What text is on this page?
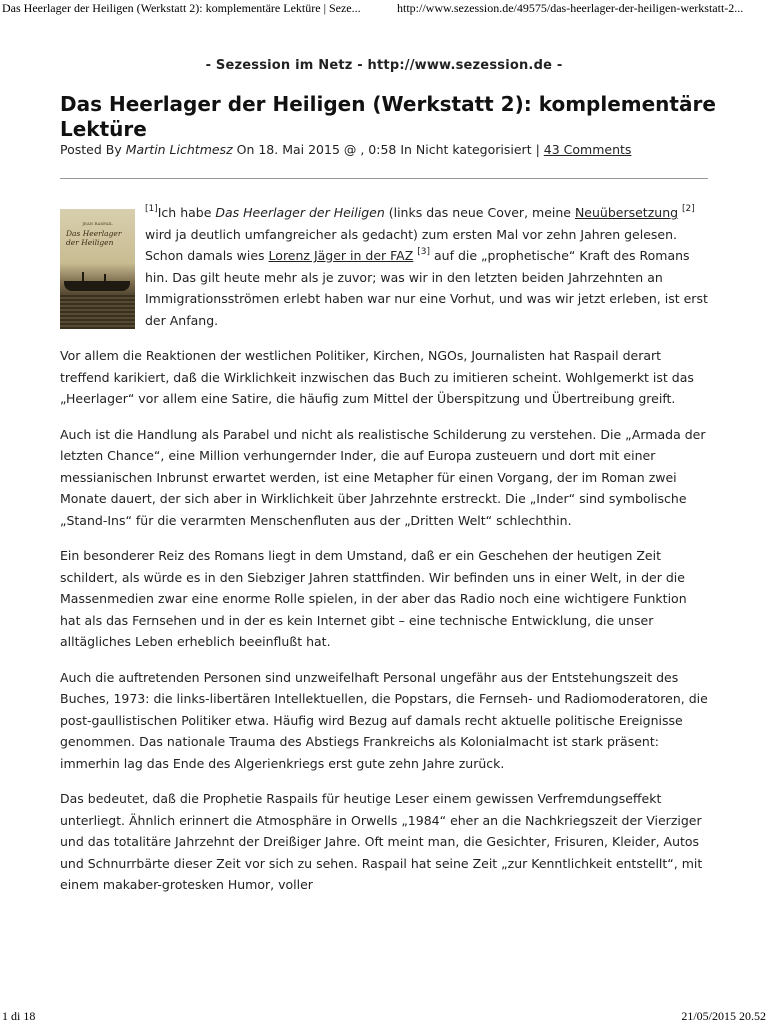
Das Heerlager der Heiligen (Werkstatt 2): komplementäre Lektüre | Seze...	http://www.sezession.de/49575/das-heerlager-der-heiligen-werkstatt-2...
- Sezession im Netz - http://www.sezession.de -
Das Heerlager der Heiligen (Werkstatt 2): komplementäre Lektüre
Posted By Martin Lichtmesz On 18. Mai 2015 @ , 0:58 In Nicht kategorisiert | 43 Comments

JEAN RASPAIL
Das Heerlager der Heiligen
[1]Ich habe Das Heerlager der Heiligen (links das neue Cover, meine Neuübersetzung [2] wird ja deutlich umfangreicher als gedacht) zum ersten Mal vor zehn Jahren gelesen. Schon damals wies Lorenz Jäger in der FAZ [3] auf die „prophetische“ Kraft des Romans hin. Das gilt heute mehr als je zuvor; was wir in den letzten beiden Jahrzehnten an Immigrationsströmen erlebt haben war nur eine Vorhut, und was wir jetzt erleben, ist erst der Anfang.

Vor allem die Reaktionen der westlichen Politiker, Kirchen, NGOs, Journalisten hat Raspail derart treffend karikiert, daß die Wirklichkeit inzwischen das Buch zu imitieren scheint. Wohlgemerkt ist das „Heerlager“ vor allem eine Satire, die häufig zum Mittel der Überspitzung und Übertreibung greift.

Auch ist die Handlung als Parabel und nicht als realistische Schilderung zu verstehen. Die „Armada der letzten Chance“, eine Million verhungernder Inder, die auf Europa zusteuern und dort mit einer messianischen Inbrunst erwartet werden, ist eine Metapher für einen Vorgang, der im Roman zwei Monate dauert, der sich aber in Wirklichkeit über Jahrzehnte erstreckt. Die „Inder“ sind symbolische „Stand-Ins“ für die verarmten Menschenfluten aus der „Dritten Welt“ schlechthin.

Ein besonderer Reiz des Romans liegt in dem Umstand, daß er ein Geschehen der heutigen Zeit schildert, als würde es in den Siebziger Jahren stattfinden. Wir befinden uns in einer Welt, in der die Massenmedien zwar eine enorme Rolle spielen, in der aber das Radio noch eine wichtigere Funktion hat als das Fernsehen und in der es kein Internet gibt – eine technische Entwicklung, die unser alltägliches Leben erheblich beeinflußt hat.

Auch die auftretenden Personen sind unzweifelhaft Personal ungefähr aus der Entstehungszeit des Buches, 1973: die links-libertären Intellektuellen, die Popstars, die Fernseh- und Radiomoderatoren, die post-gaullistischen Politiker etwa. Häufig wird Bezug auf damals recht aktuelle politische Ereignisse genommen. Das nationale Trauma des Abstiegs Frankreichs als Kolonialmacht ist stark präsent: immerhin lag das Ende des Algerienkriegs erst gute zehn Jahre zurück.

Das bedeutet, daß die Prophetie Raspails für heutige Leser einem gewissen Verfremdungseffekt unterliegt. Ähnlich erinnert die Atmosphäre in Orwells „1984“ eher an die Nachkriegszeit der Vierziger und das totalitäre Jahrzehnt der Dreißiger Jahre. Oft meint man, die Gesichter, Frisuren, Kleider, Autos und Schnurrbärte dieser Zeit vor sich zu sehen. Raspail hat seine Zeit „zur Kenntlichkeit entstellt“, mit einem makaber-grotesken Humor, voller

1 di 18	21/05/2015 20.52
